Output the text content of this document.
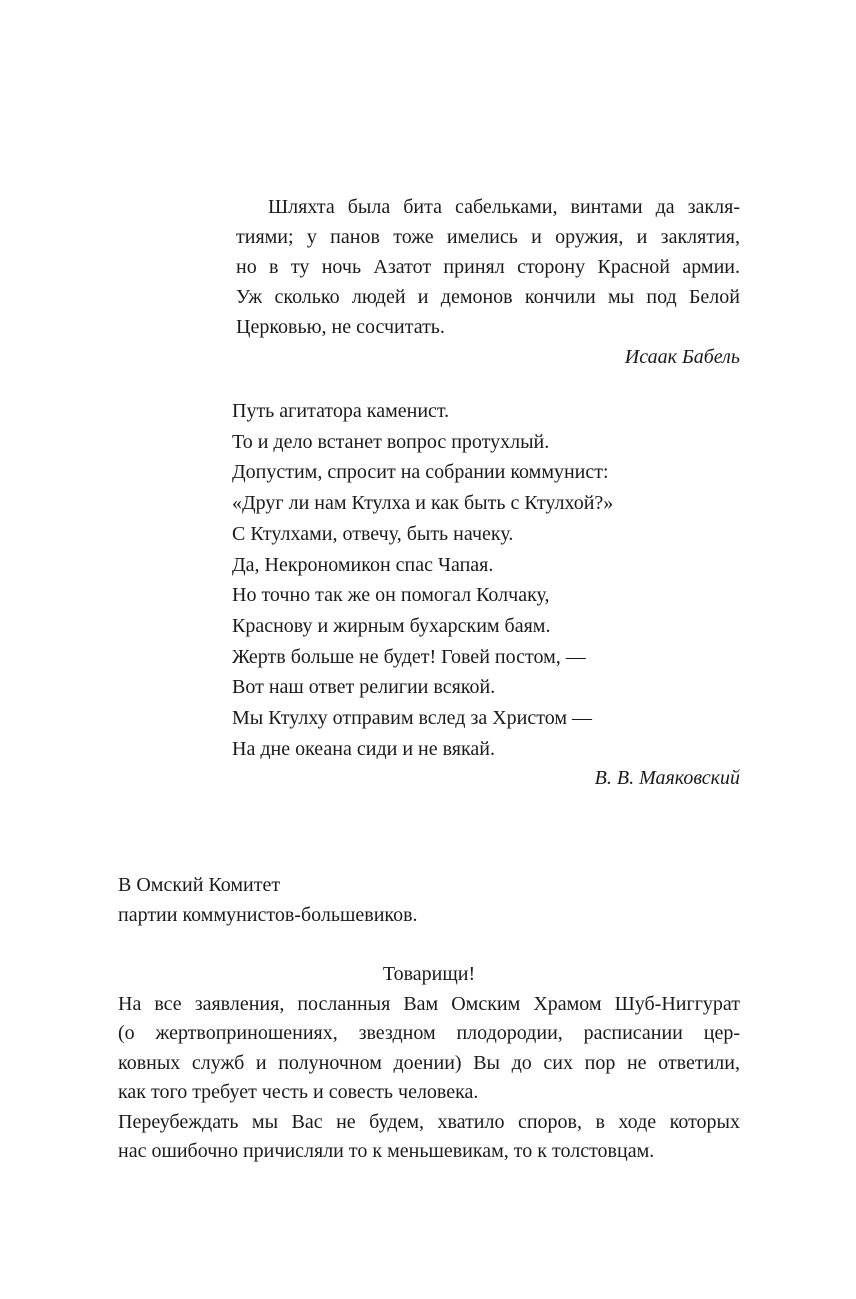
Шляхта была бита сабельками, винтами да закля-
тиями; у панов тоже имелись и оружия, и заклятия,
но в ту ночь Азатот принял сторону Красной армии.
Уж сколько людей и демонов кончили мы под Белой
Церковью, не сосчитать.
Исаак Бабель
Путь агитатора каменист.
То и дело встанет вопрос протухлый.
Допустим, спросит на собрании коммунист:
«Друг ли нам Ктулха и как быть с Ктулхой?»
С Ктулхами, отвечу, быть начеку.
Да, Некрономикон спас Чапая.
Но точно так же он помогал Колчаку,
Краснову и жирным бухарским баям.
Жертв больше не будет! Говей постом, —
Вот наш ответ религии всякой.
Мы Ктулху отправим вслед за Христом —
На дне океана сиди и не вякай.
В. В. Маяковский
В Омский Комитет
партии коммунистов-большевиков.
Товарищи!
На все заявления, посланныя Вам Омским Храмом Шуб-Ниггурат
(о жертвоприношениях, звездном плодородии, расписании цер-
ковных служб и полуночном доении) Вы до сих пор не ответили,
как того требует честь и совесть человека.
Переубеждать мы Вас не будем, хватило споров, в ходе которых
нас ошибочно причисляли то к меньшевикам, то к толстовцам.
